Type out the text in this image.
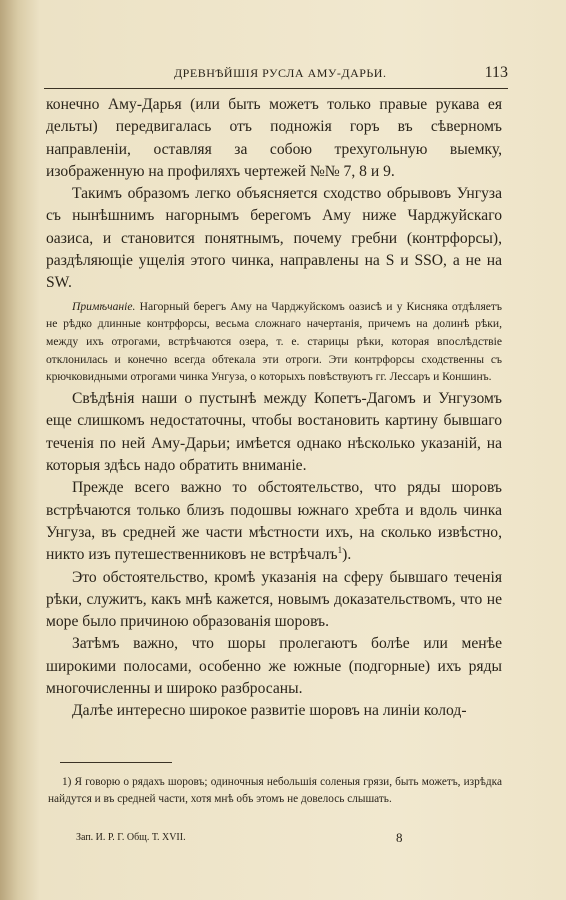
ДРЕВНѢЙШІЯ РУСЛА АМУ-ДАРЬИ.	113

конечно Аму-Дарья (или быть можетъ только правые рукава ея дельты) передвигалась отъ подножія горъ въ сѣверномъ направленіи, оставляя за собою трехугольную выемку, изображенную на профиляхъ чертежей №№ 7, 8 и 9.

Такимъ образомъ легко объясняется сходство обрывовъ Унгуза съ нынѣшнимъ нагорнымъ берегомъ Аму ниже Чарджуйскаго оазиса, и становится понятнымъ, почему гребни (контрфорсы), раздѣляющіе ущелія этого чинка, направлены на S и SSO, а не на SW.

Примѣчаніе. Нагорный берегъ Аму на Чарджуйскомъ оазисѣ и у Кисняка отдѣляетъ не рѣдко длинные контрфорсы, весьма сложнаго начертанія, причемъ на долинѣ рѣки, между ихъ отрогами, встрѣчаются озера, т. е. старицы рѣки, которая впослѣдствіе отклонилась и конечно всегда обтекала эти отроги. Эти контрфорсы сходственны съ крючковидными отрогами чинка Унгуза, о которыхъ повѣствуютъ гг. Лессаръ и Коншинъ.

Свѣдѣнія наши о пустынѣ между Копетъ-Дагомъ и Унгузомъ еще слишкомъ недостаточны, чтобы востановить картину бывшаго теченія по ней Аму-Дарьи; имѣется однако нѣсколько указаній, на которыя здѣсь надо обратить вниманіе.

Прежде всего важно то обстоятельство, что ряды шоровъ встрѣчаются только близъ подошвы южнаго хребта и вдоль чинка Унгуза, въ средней же части мѣстности ихъ, на сколько извѣстно, никто изъ путешественниковъ не встрѣчалъ$^1$).

Это обстоятельство, кромѣ указанія на сферу бывшаго теченія рѣки, служитъ, какъ мнѣ кажется, новымъ доказательствомъ, что не море было причиною образованія шоровъ.

Затѣмъ важно, что шоры пролегаютъ болѣе или менѣе широкими полосами, особенно же южные (подгорные) ихъ ряды многочисленны и широко разбросаны.

Далѣе интересно широкое развитіе шоровъ на линіи колод-

1) Я говорю о рядахъ шоровъ; одиночныя небольшія соленыя грязи, быть можетъ, изрѣдка найдутся и въ средней части, хотя мнѣ объ этомъ не довелось слышать.

Зап. И. Р. Г. Общ. Т. XVII.	8
